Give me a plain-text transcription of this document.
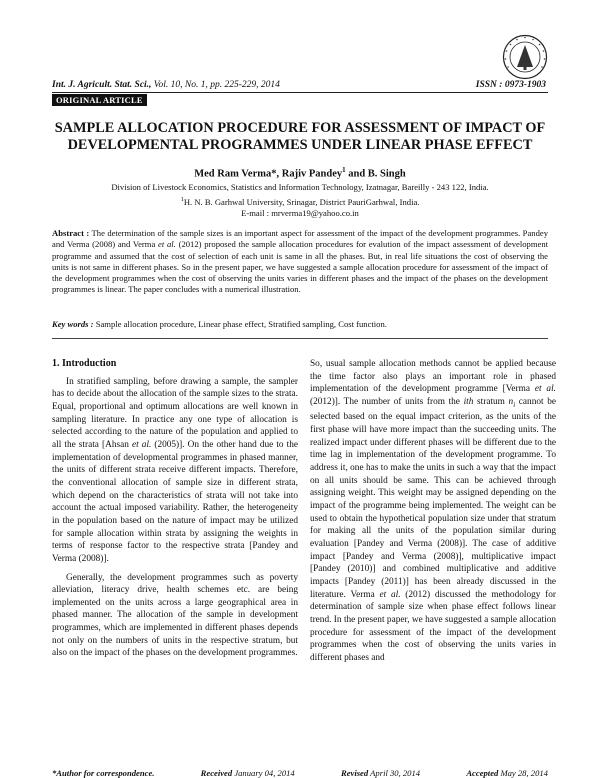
Int. J. Agricult. Stat. Sci., Vol. 10, No. 1, pp. 225-229, 2014	ISSN : 0973-1903
ORIGINAL ARTICLE
SAMPLE ALLOCATION PROCEDURE FOR ASSESSMENT OF IMPACT OF DEVELOPMENTAL PROGRAMMES UNDER LINEAR PHASE EFFECT
Med Ram Verma*, Rajiv Pandey$^1$ and B. Singh
Division of Livestock Economics, Statistics and Information Technology, Izatnagar, Bareilly - 243 122, India.
$^1$H. N. B. Garhwal University, Srinagar, District PauriGarhwal, India.
E-mail : mrverma19@yahoo.co.in
Abstract : The determination of the sample sizes is an important aspect for assessment of the impact of the development programmes. Pandey and Verma (2008) and Verma et al. (2012) proposed the sample allocation procedures for evalution of the impact assessment of development programme and assumed that the cost of selection of each unit is same in all the phases. But, in real life situations the cost of observing the units is not same in different phases. So in the present paper, we have suggested a sample allocation procedure for assessment of the impact of the development programmes when the cost of observing the units varies in different phases and the impact of the phases on the development programmes is linear. The paper concludes with a numerical illustration.
Key words : Sample allocation procedure, Linear phase effect, Stratified sampling, Cost function.
1. Introduction

In stratified sampling, before drawing a sample, the sampler has to decide about the allocation of the sample sizes to the strata. Equal, proportional and optimum allocations are well known in sampling literature. In practice any one type of allocation is selected according to the nature of the population and applied to all the strata [Ahsan et al. (2005)]. On the other hand due to the implementation of developmental programmes in phased manner, the units of different strata receive different impacts. Therefore, the conventional allocation of sample size in different strata, which depend on the characteristics of strata will not take into account the actual imposed variability. Rather, the heterogeneity in the population based on the nature of impact may be utilized for sample allocation within strata by assigning the weights in terms of response factor to the respective strata [Pandey and Verma (2008)].

Generally, the development programmes such as poverty alleviation, literacy drive, health schemes etc. are being implemented on the units across a large geographical area in phased manner. The allocation of the sample in development programmes, which are implemented in different phases depends not only on the numbers of units in the respective stratum, but also on the impact of the phases on the development programmes.

So, usual sample allocation methods cannot be applied because the time factor also plays an important role in phased implementation of the development programme [Verma et al. (2012)]. The number of units from the ith stratum $n_i$ cannot be selected based on the equal impact criterion, as the units of the first phase will have more impact than the succeeding units. The realized impact under different phases will be different due to the time lag in implementation of the development programme. To address it, one has to make the units in such a way that the impact on all units should be same. This can be achieved through assigning weight. This weight may be assigned depending on the impact of the programme being implemented. The weight can be used to obtain the hypothetical population size under that stratum for making all the units of the population similar during evaluation [Pandey and Verma (2008)]. The case of additive impact [Pandey and Verma (2008)], multiplicative impact [Pandey (2010)] and combined multiplicative and additive impacts [Pandey (2011)] has been already discussed in the literature. Verma et al. (2012) discussed the methodology for determination of sample size when phase effect follows linear trend. In the present paper, we have suggested a sample allocation procedure for assessment of the impact of the development programmes when the cost of observing the units varies in different phases and

*Author for correspondence.	Received January 04, 2014	Revised April 30, 2014	Accepted May 28, 2014
